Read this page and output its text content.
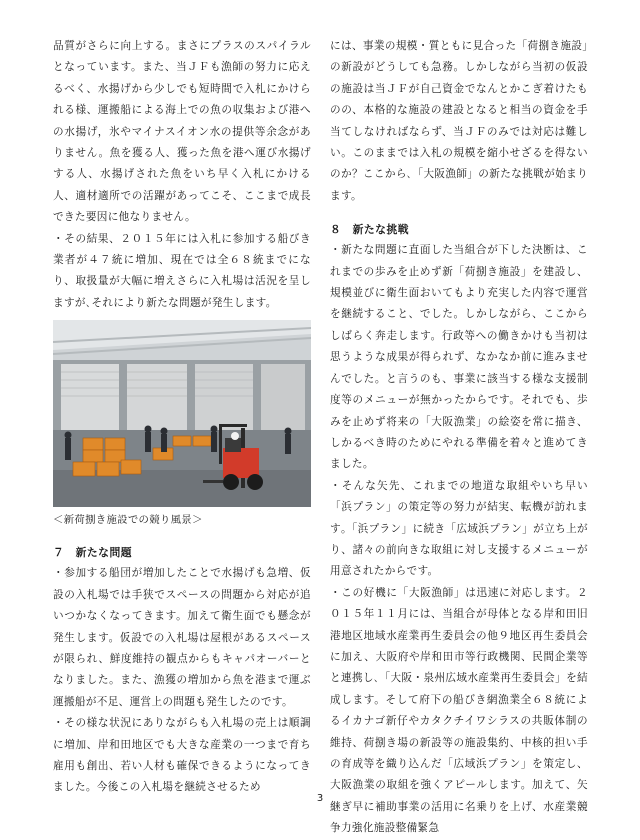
品質がさらに向上する。まさにプラスのスパイラルとなっています。また、当ＪＦも漁師の努力に応えるべく、水揚げから少しでも短時間で入札にかけられる様、運搬船による海上での魚の収集および港への水揚げ，氷やマイナスイオン水の提供等余念がありません。魚を獲る人、獲った魚を港へ運び水揚げする人、水揚げされた魚をいち早く入札にかける人、適材適所での活躍があってこそ、ここまで成長できた要因に他なりません。

・その結果、２０１５年には入札に参加する船びき業者が４７統に増加、現在では全６８統までになり、取扱量が大幅に増えさらに入札場は活況を呈しますが､それにより新たな問題が発生します。

＜新荷捌き施設での競り風景＞
７　新たな問題

・参加する船団が増加したことで水揚げも急増、仮設の入札場では手狭でスペースの問題から対応が追いつかなくなってきます。加えて衛生面でも懸念が発生します。仮設での入札場は屋根があるスペースが限られ、鮮度維持の観点からもキャパオーバーとなりました。また、漁獲の増加から魚を港まで運ぶ運搬船が不足、運営上の問題も発生したのです。

・その様な状況にありながらも入札場の売上は順調に増加、岸和田地区でも大きな産業の一つまで育ち雇用も創出、若い人材も確保できるようになってきました。今後この入札場を継続させるため

には、事業の規模・質ともに見合った「荷捌き施設」の新設がどうしても急務。しかしながら当初の仮設の施設は当ＪＦが自己資金でなんとかこぎ着けたものの、本格的な施設の建設となると相当の資金を手当てしなければならず、当ＪＦのみでは対応は難しい。このままでは入札の規模を縮小せざるを得ないのか？ここから､「大阪漁師」の新たな挑戦が始まります。

８　新たな挑戦

・新たな問題に直面した当組合が下した決断は、これまでの歩みを止めず新「荷捌き施設」を建設し、規模並びに衛生面おいてもより充実した内容で運営を継続すること、でした。しかしながら、ここからしばらく奔走します。行政等への働きかけも当初は思うような成果が得られず、なかなか前に進みませんでした。と言うのも、事業に該当する様な支援制度等のメニューが無かったからです。それでも、歩みを止めず将来の「大阪漁業」の絵姿を常に描き、しかるべき時のためにやれる準備を着々と進めてきました。

・そんな矢先、これまでの地道な取組やいち早い「浜プラン」の策定等の努力が結実、転機が訪れます｡「浜プラン」に続き「広域浜プラン」が立ち上がり、諸々の前向きな取組に対し支援するメニューが用意されたからです。

・この好機に「大阪漁師」は迅速に対応します。２０１５年１１月には、当組合が母体となる岸和田旧港地区地域水産業再生委員会の他９地区再生委員会に加え、大阪府や岸和田市等行政機関、民間企業等と連携し､「大阪・泉州広域水産業再生委員会」を結成します。そして府下の船びき網漁業全６８統によるイカナゴ新仔やカタクチイワシラスの共販体制の維持、荷捌き場の新設等の施設集約、中核的担い手の育成等を織り込んだ「広域浜プラン」を策定し、大阪漁業の取組を強くアピールします。加えて、矢継ぎ早に補助事業の活用に名乗りを上げ、水産業競争力強化施設整備緊急

3
